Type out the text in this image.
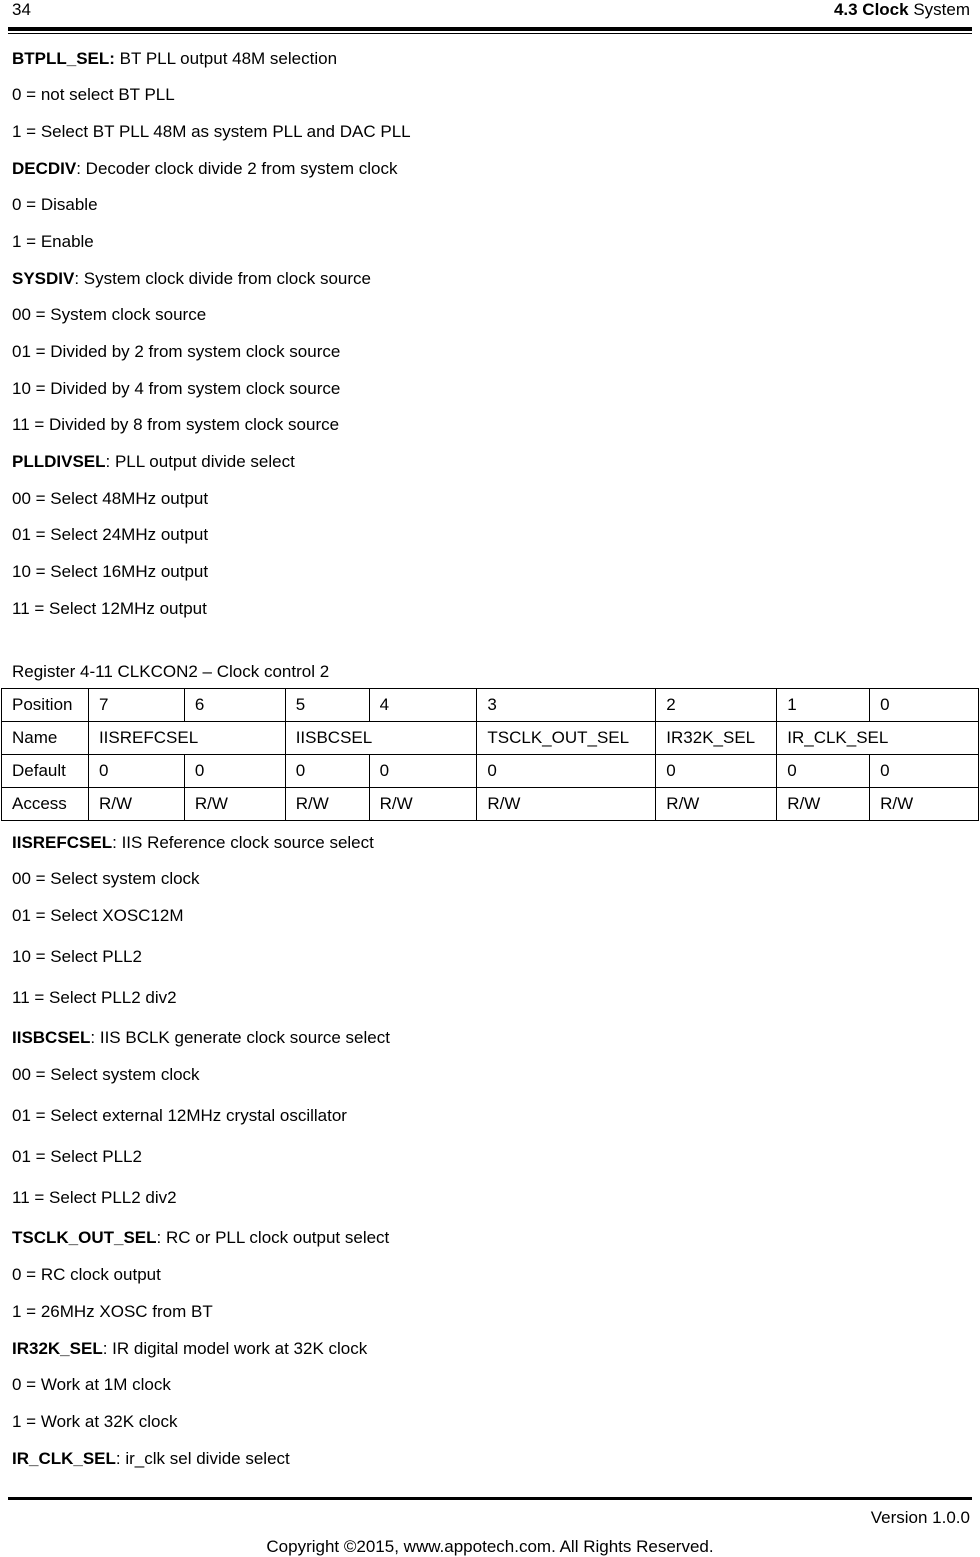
34	4.3 Clock System
BTPLL_SEL: BT PLL output 48M selection
0 = not select BT PLL
1 = Select BT PLL 48M as system PLL and DAC PLL
DECDIV: Decoder clock divide 2 from system clock
0 = Disable
1 = Enable
SYSDIV: System clock divide from clock source
00 = System clock source
01 = Divided by 2 from system clock source
10 = Divided by 4 from system clock source
11 = Divided by 8 from system clock source
PLLDIVSEL: PLL output divide select
00 = Select 48MHz output
01 = Select 24MHz output
10 = Select 16MHz output
11 = Select 12MHz output
Register 4-11 CLKCON2 – Clock control 2
Position	7	6	5	4	3	2	1	0
Name	IISREFCSEL		IISBCSEL		TSCLK_OUT_SEL	IR32K_SEL	IR_CLK_SEL	
Default	0	0	0	0	0	0	0	0
Access	R/W	R/W	R/W	R/W	R/W	R/W	R/W	R/W
IISREFCSEL: IIS Reference clock source select
00 = Select system clock
01 = Select XOSC12M
10 = Select PLL2
11 = Select PLL2 div2
IISBCSEL: IIS BCLK generate clock source select
00 = Select system clock
01 = Select external 12MHz crystal oscillator
01 = Select PLL2
11 = Select PLL2 div2
TSCLK_OUT_SEL: RC or PLL clock output select
0 = RC clock output
1 = 26MHz XOSC from BT
IR32K_SEL: IR digital model work at 32K clock
0 = Work at 1M clock
1 = Work at 32K clock
IR_CLK_SEL: ir_clk sel divide select
Version 1.0.0
Copyright ©2015, www.appotech.com. All Rights Reserved.
